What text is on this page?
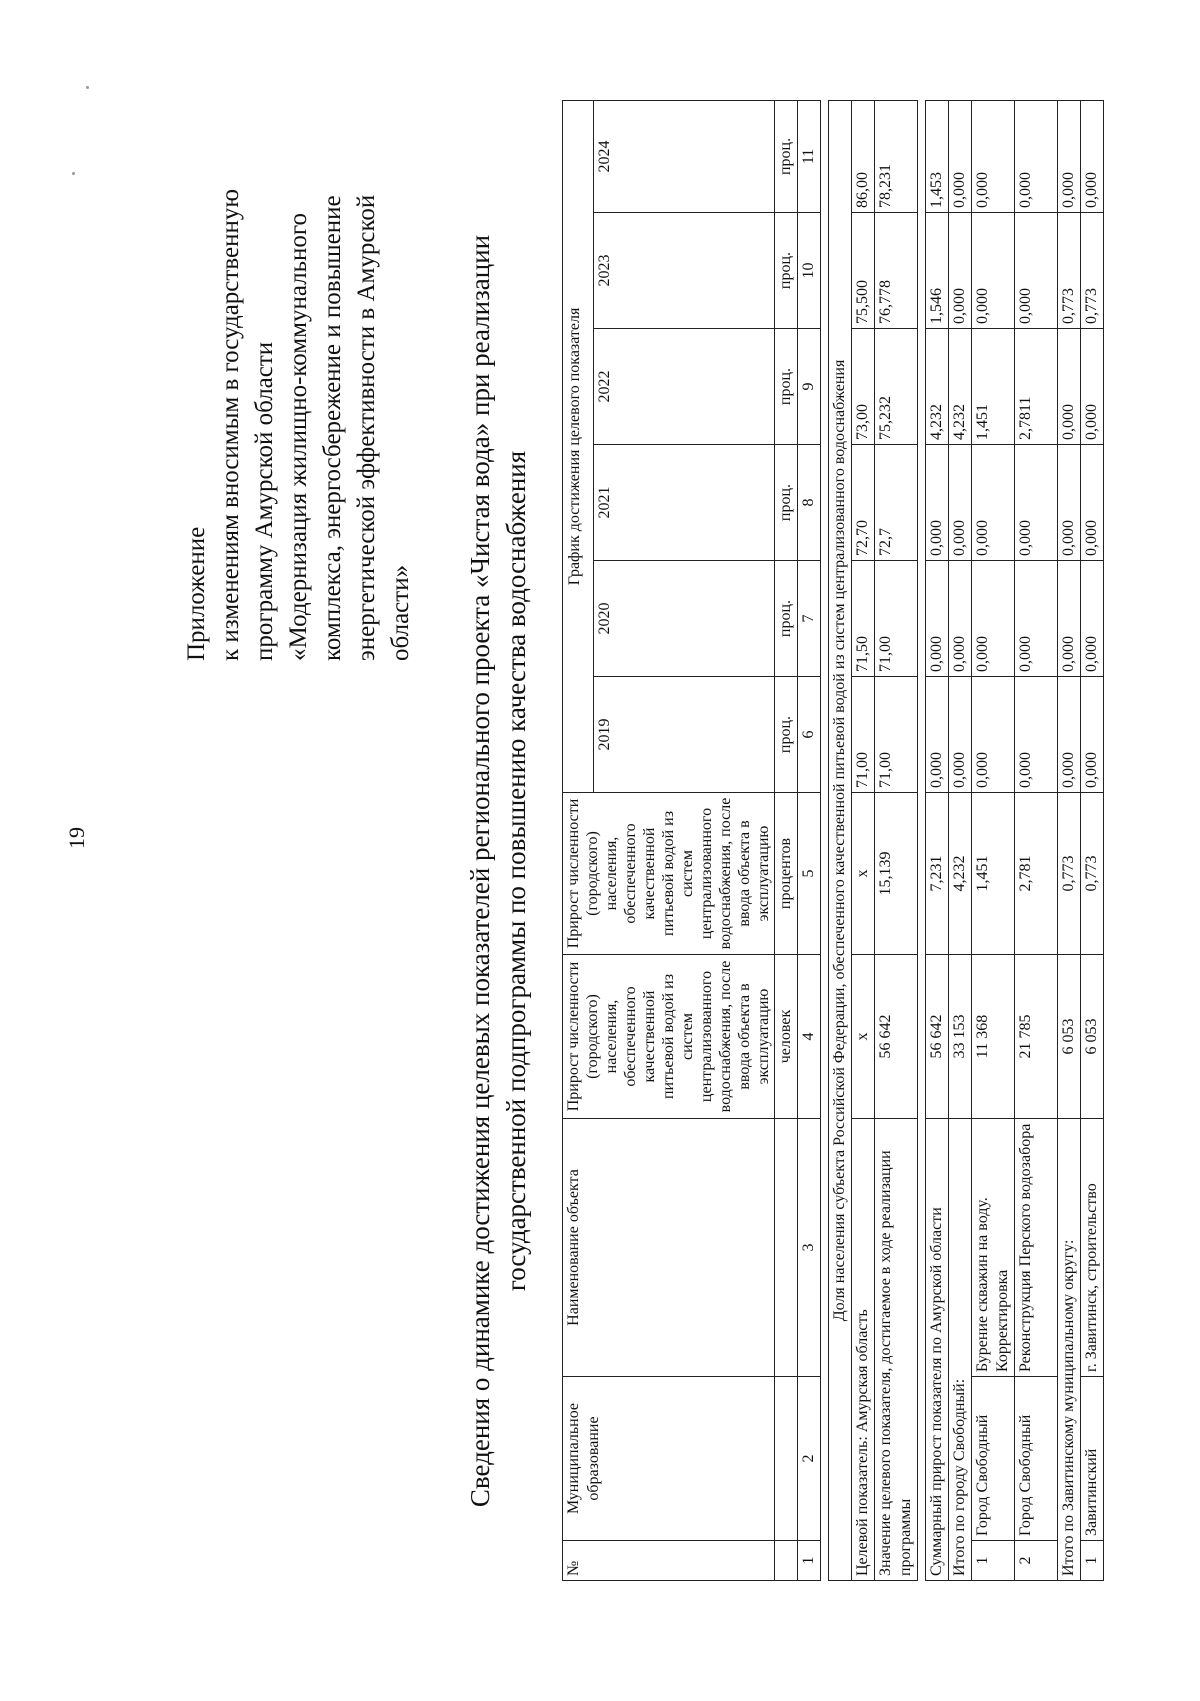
19
Приложение к изменениям вносимым в государственную программу Амурской области «Модернизация жилищно-коммунального комплекса, энергосбережение и повышение энергетической эффективности в Амурской области» Сведения о динамике достижения целевых показателей регионального проекта «Чистая вода» при реализации государственной подпрограммы по повышению качества водоснабжения
№	Муниципальное образование	Наименование объекта	Прирост численности (городского) населения, обеспеченного качественной питьевой водой из систем централизованного водоснабжения, после ввода объекта в эксплуатацию	Прирост численности (городского) населения, обеспеченного качественной питьевой водой из систем централизованного водоснабжения, после ввода объекта в эксплуатацию	График достижения целевого показателя					
					2019	2020	2021	2022	2023	2024
			человек	процентов	проц.	проц.	проц.	проц.	проц.	проц.
1	2	3	4	5	6	7	8	9	10	11

Доля населения субъекта Российской Федерации, обеспеченного качественной питьевой водой из систем централизованного водоснабжения										
Целевой показатель: Амурская область			x	x	71,00	71,50	72,70	73,00	75,500	86,00
Значение целевого показателя, достигаемое в ходе реализации программы			56 642	15,139	71,00	71,00	72,7	75,232	76,778	78,231

Суммарный прирост показателя по Амурской области			56 642	7,231	0,000	0,000	0,000	4,232	1,546	1,453
Итого по городу Свободный:			33 153	4,232	0,000	0,000	0,000	4,232	0,000	0,000
1	Город Свободный	Бурение скважин на воду. Корректировка	11 368	1,451	0,000	0,000	0,000	1,451	0,000	0,000
2	Город Свободный	Реконструкция Перского водозабора	21 785	2,781	0,000	0,000	0,000	2,7811	0,000	0,000
Итого по Завитинскому муниципальному округу:			6 053	0,773	0,000	0,000	0,000	0,000	0,773	0,000
1	Завитинский	г. Завитинск, строительство	6 053	0,773	0,000	0,000	0,000	0,000	0,773	0,000
